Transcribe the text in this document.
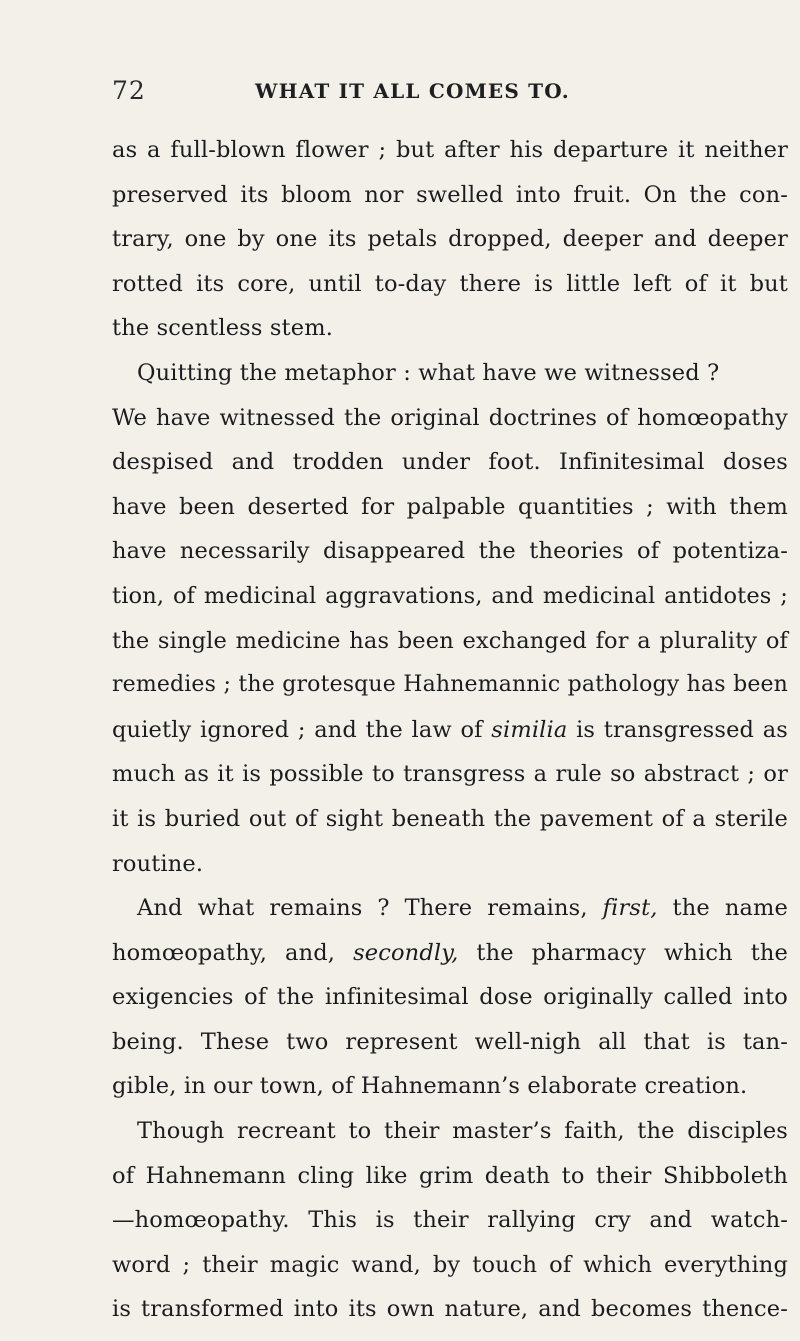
72	WHAT IT ALL COMES TO.
as a full-blown flower ; but after his departure it neither
preserved its bloom nor swelled into fruit. On the con-
trary, one by one its petals dropped, deeper and deeper
rotted its core, until to-day there is little left of it but
the scentless stem.
Quitting the metaphor : what have we witnessed ?
We have witnessed the original doctrines of homœopathy
despised and trodden under foot. Infinitesimal doses
have been deserted for palpable quantities ; with them
have necessarily disappeared the theories of potentiza-
tion, of medicinal aggravations, and medicinal antidotes ;
the single medicine has been exchanged for a plurality of
remedies ; the grotesque Hahnemannic pathology has been
quietly ignored ; and the law of similia is transgressed as
much as it is possible to transgress a rule so abstract ; or
it is buried out of sight beneath the pavement of a sterile
routine.
And what remains ? There remains, first, the name
homœopathy, and, secondly, the pharmacy which the
exigencies of the infinitesimal dose originally called into
being. These two represent well-nigh all that is tan-
gible, in our town, of Hahnemann’s elaborate creation.
Though recreant to their master’s faith, the disciples
of Hahnemann cling like grim death to their Shibboleth
—homœopathy. This is their rallying cry and watch-
word ; their magic wand, by touch of which everything
is transformed into its own nature, and becomes thence-
